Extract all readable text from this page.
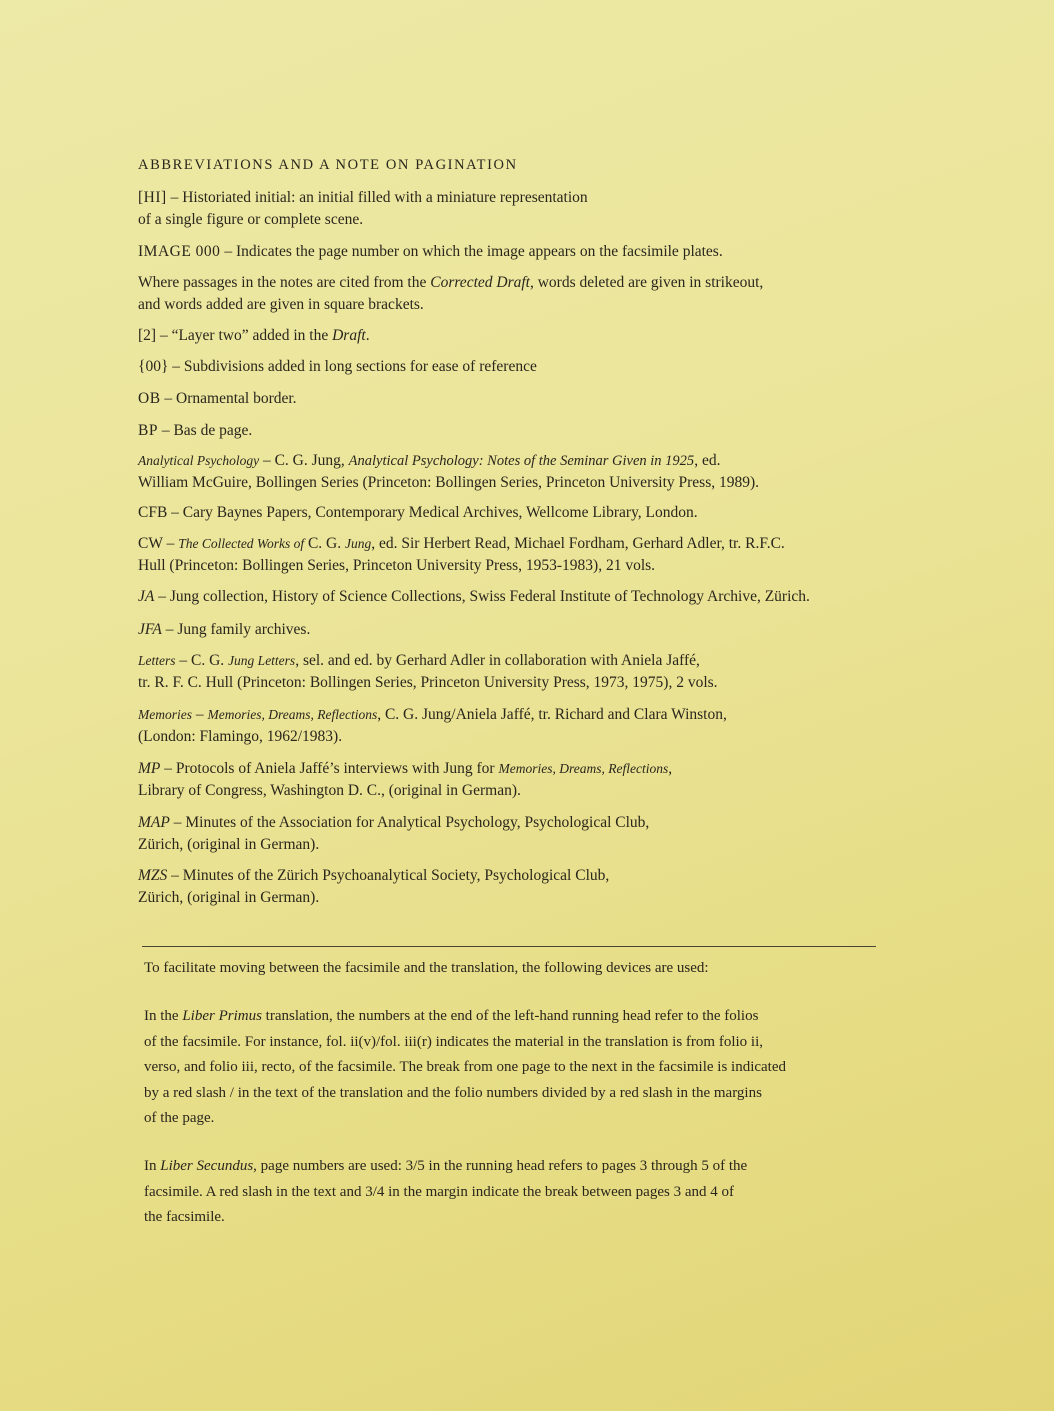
ABBREVIATIONS AND A NOTE ON PAGINATION
[HI] – Historiated initial: an initial filled with a miniature representation
of a single figure or complete scene.
IMAGE 000 – Indicates the page number on which the image appears on the facsimile plates.
Where passages in the notes are cited from the Corrected Draft, words deleted are given in strikeout,
and words added are given in square brackets.
[2] – “Layer two” added in the Draft.
{00} – Subdivisions added in long sections for ease of reference
OB – Ornamental border.
BP – Bas de page.
Analytical Psychology – C. G. Jung, Analytical Psychology: Notes of the Seminar Given in 1925, ed.
William McGuire, Bollingen Series (Princeton: Bollingen Series, Princeton University Press, 1989).
CFB – Cary Baynes Papers, Contemporary Medical Archives, Wellcome Library, London.
CW – The Collected Works of C. G. Jung, ed. Sir Herbert Read, Michael Fordham, Gerhard Adler, tr. R.F.C.
Hull (Princeton: Bollingen Series, Princeton University Press, 1953-1983), 21 vols.
JA – Jung collection, History of Science Collections, Swiss Federal Institute of Technology Archive, Zürich.
JFA – Jung family archives.
Letters – C. G. Jung Letters, sel. and ed. by Gerhard Adler in collaboration with Aniela Jaffé,
tr. R. F. C. Hull (Princeton: Bollingen Series, Princeton University Press, 1973, 1975), 2 vols.
Memories – Memories, Dreams, Reflections, C. G. Jung/Aniela Jaffé, tr. Richard and Clara Winston,
(London: Flamingo, 1962/1983).
MP – Protocols of Aniela Jaffé’s interviews with Jung for Memories, Dreams, Reflections,
Library of Congress, Washington D. C., (original in German).
MAP – Minutes of the Association for Analytical Psychology, Psychological Club,
Zürich, (original in German).
MZS – Minutes of the Zürich Psychoanalytical Society, Psychological Club,
Zürich, (original in German).
To facilitate moving between the facsimile and the translation, the following devices are used:
In the Liber Primus translation, the numbers at the end of the left-hand running head refer to the folios
of the facsimile. For instance, fol. ii(v)/fol. iii(r) indicates the material in the translation is from folio ii,
verso, and folio iii, recto, of the facsimile. The break from one page to the next in the facsimile is indicated
by a red slash / in the text of the translation and the folio numbers divided by a red slash in the margins
of the page.
In Liber Secundus, page numbers are used: 3/5 in the running head refers to pages 3 through 5 of the
facsimile. A red slash in the text and 3/4 in the margin indicate the break between pages 3 and 4 of
the facsimile.
